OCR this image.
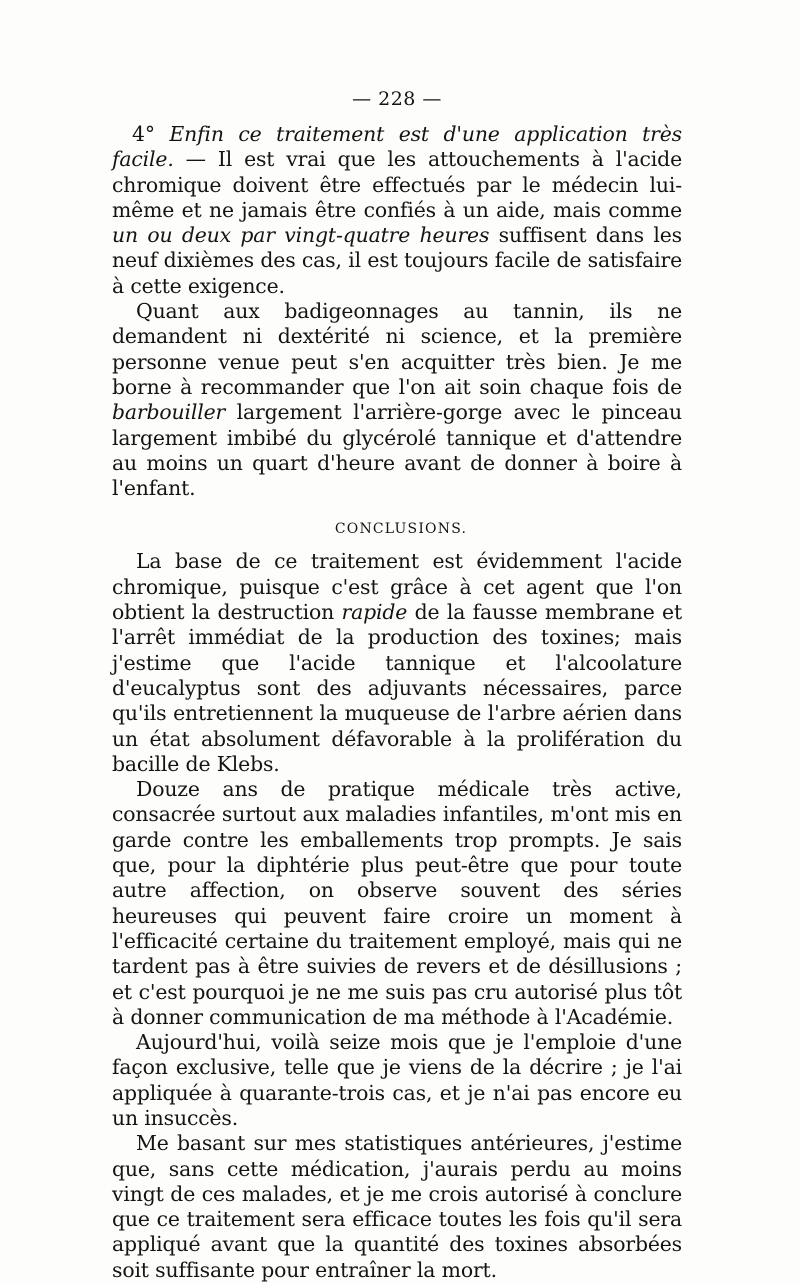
— 228 —

4° Enfin ce traitement est d'une application très facile. — Il est vrai que les attouchements à l'acide chromique doivent être effectués par le médecin lui-même et ne jamais être confiés à un aide, mais comme un ou deux par vingt-quatre heures suffisent dans les neuf dixièmes des cas, il est toujours facile de satisfaire à cette exigence.

Quant aux badigeonnages au tannin, ils ne demandent ni dextérité ni science, et la première personne venue peut s'en acquitter très bien. Je me borne à recommander que l'on ait soin chaque fois de barbouiller largement l'arrière-gorge avec le pinceau largement imbibé du glycérolé tannique et d'attendre au moins un quart d'heure avant de donner à boire à l'enfant.

CONCLUSIONS.

La base de ce traitement est évidemment l'acide chromique, puisque c'est grâce à cet agent que l'on obtient la destruction rapide de la fausse membrane et l'arrêt immédiat de la production des toxines; mais j'estime que l'acide tannique et l'alcoolature d'eucalyptus sont des adjuvants nécessaires, parce qu'ils entretiennent la muqueuse de l'arbre aérien dans un état absolument défavorable à la prolifération du bacille de Klebs.

Douze ans de pratique médicale très active, consacrée surtout aux maladies infantiles, m'ont mis en garde contre les emballements trop prompts. Je sais que, pour la diphtérie plus peut-être que pour toute autre affection, on observe souvent des séries heureuses qui peuvent faire croire un moment à l'efficacité certaine du traitement employé, mais qui ne tardent pas à être suivies de revers et de désillusions ; et c'est pourquoi je ne me suis pas cru autorisé plus tôt à donner communication de ma méthode à l'Académie.

Aujourd'hui, voilà seize mois que je l'emploie d'une façon exclusive, telle que je viens de la décrire ; je l'ai appliquée à quarante-trois cas, et je n'ai pas encore eu un insuccès.

Me basant sur mes statistiques antérieures, j'estime que, sans cette médication, j'aurais perdu au moins vingt de ces malades, et je me crois autorisé à conclure que ce traitement sera efficace toutes les fois qu'il sera appliqué avant que la quantité des toxines absorbées soit suffisante pour entraîner la mort.
